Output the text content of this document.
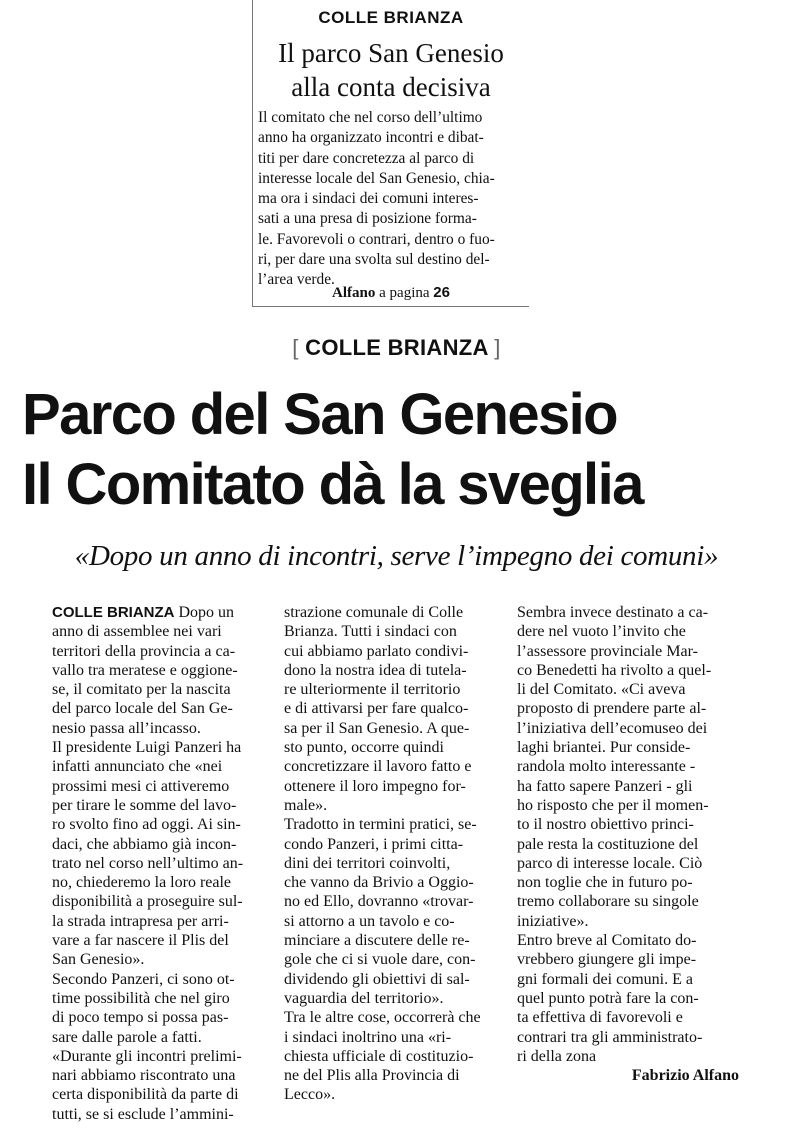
COLLE BRIANZA
Il parco San Genesio
alla conta decisiva
Il comitato che nel corso dell’ultimo
anno ha organizzato incontri e dibat-
titi per dare concretezza al parco di
interesse locale del San Genesio, chia-
ma ora i sindaci dei comuni interes-
sati a una presa di posizione forma-
le. Favorevoli o contrari, dentro o fuo-
ri, per dare una svolta sul destino del-
l’area verde.
Alfano a pagina 26
[ COLLE BRIANZA ]
Parco del San Genesio
Il Comitato dà la sveglia
«Dopo un anno di incontri, serve l’impegno dei comuni»
COLLE BRIANZA Dopo un
anno di assemblee nei vari
territori della provincia a ca-
vallo tra meratese e oggione-
se, il comitato per la nascita
del parco locale del San Ge-
nesio passa all’incasso.
Il presidente Luigi Panzeri ha
infatti annunciato che «nei
prossimi mesi ci attiveremo
per tirare le somme del lavo-
ro svolto fino ad oggi. Ai sin-
daci, che abbiamo già incon-
trato nel corso nell’ultimo an-
no, chiederemo la loro reale
disponibilità a proseguire sul-
la strada intrapresa per arri-
vare a far nascere il Plis del
San Genesio».
Secondo Panzeri, ci sono ot-
time possibilità che nel giro
di poco tempo si possa pas-
sare dalle parole a fatti.
«Durante gli incontri prelimi-
nari abbiamo riscontrato una
certa disponibilità da parte di
tutti, se si esclude l’ammini-
strazione comunale di Colle
Brianza. Tutti i sindaci con
cui abbiamo parlato condivi-
dono la nostra idea di tutela-
re ulteriormente il territorio
e di attivarsi per fare qualco-
sa per il San Genesio. A que-
sto punto, occorre quindi
concretizzare il lavoro fatto e
ottenere il loro impegno for-
male».
Tradotto in termini pratici, se-
condo Panzeri, i primi citta-
dini dei territori coinvolti,
che vanno da Brivio a Oggio-
no ed Ello, dovranno «trovar-
si attorno a un tavolo e co-
minciare a discutere delle re-
gole che ci si vuole dare, con-
dividendo gli obiettivi di sal-
vaguardia del territorio».
Tra le altre cose, occorrerà che
i sindaci inoltrino una «ri-
chiesta ufficiale di costituzio-
ne del Plis alla Provincia di
Lecco».
Sembra invece destinato a ca-
dere nel vuoto l’invito che
l’assessore provinciale Mar-
co Benedetti ha rivolto a quel-
li del Comitato. «Ci aveva
proposto di prendere parte al-
l’iniziativa dell’ecomuseo dei
laghi briantei. Pur conside-
randola molto interessante -
ha fatto sapere Panzeri - gli
ho risposto che per il momen-
to il nostro obiettivo princi-
pale resta la costituzione del
parco di interesse locale. Ciò
non toglie che in futuro po-
tremo collaborare su singole
iniziative».
Entro breve al Comitato do-
vrebbero giungere gli impe-
gni formali dei comuni. E a
quel punto potrà fare la con-
ta effettiva di favorevoli e
contrari tra gli amministrato-
ri della zona
Fabrizio Alfano
